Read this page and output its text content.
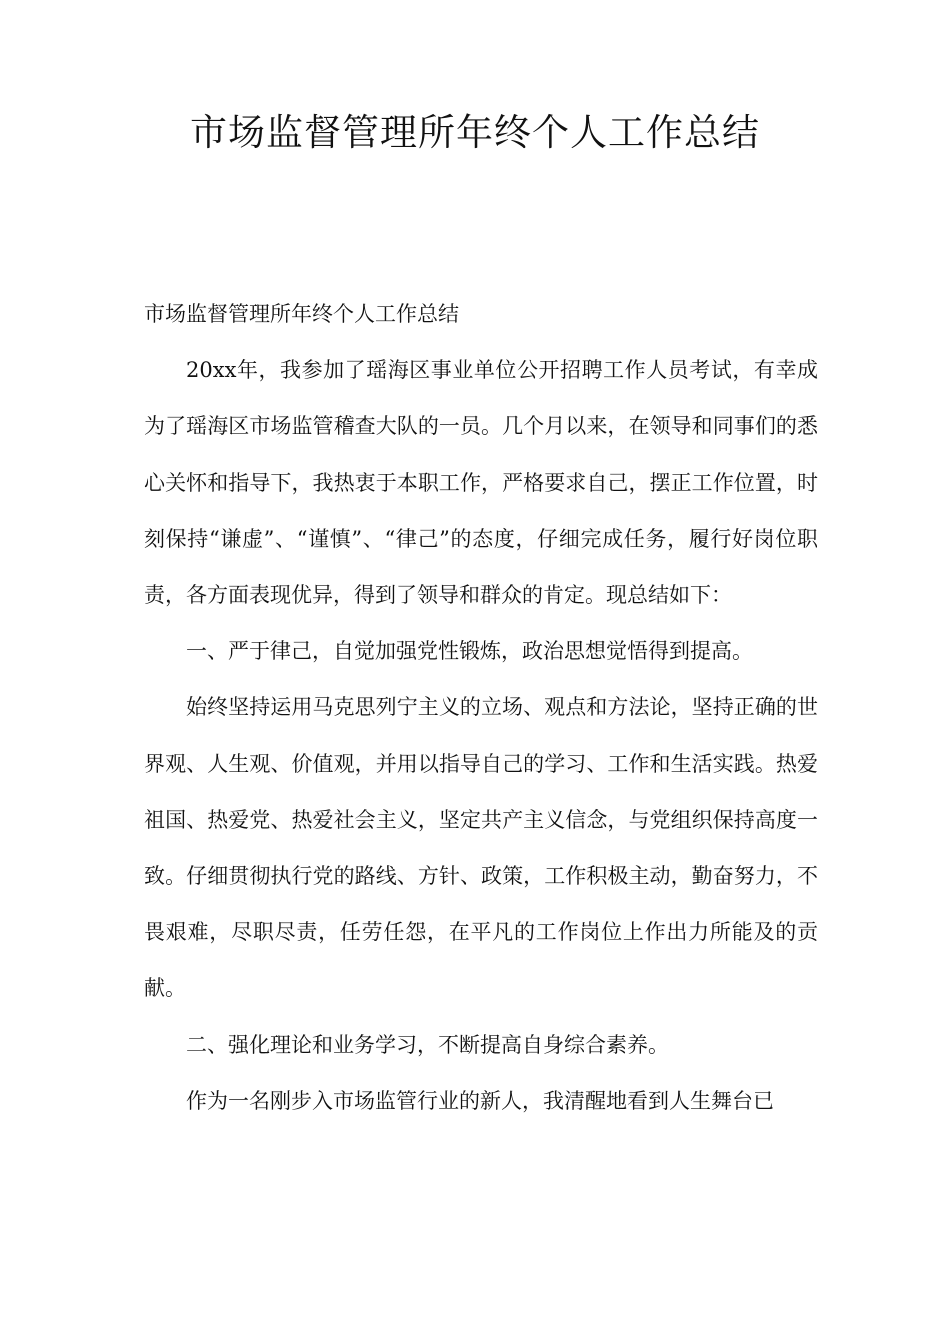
市场监督管理所年终个人工作总结

市场监督管理所年终个人工作总结

20xx年，我参加了瑶海区事业单位公开招聘工作人员考试，有幸成为了瑶海区市场监管稽查大队的一员。几个月以来，在领导和同事们的悉心关怀和指导下，我热衷于本职工作，严格要求自己，摆正工作位置，时刻保持“谦虚”、“谨慎”、“律己”的态度，仔细完成任务，履行好岗位职责，各方面表现优异，得到了领导和群众的肯定。现总结如下：

一、严于律己，自觉加强党性锻炼，政治思想觉悟得到提高。

始终坚持运用马克思列宁主义的立场、观点和方法论，坚持正确的世界观、人生观、价值观，并用以指导自己的学习、工作和生活实践。热爱祖国、热爱党、热爱社会主义，坚定共产主义信念，与党组织保持高度一致。仔细贯彻执行党的路线、方针、政策，工作积极主动，勤奋努力，不畏艰难，尽职尽责，任劳任怨，在平凡的工作岗位上作出力所能及的贡献。

二、强化理论和业务学习，不断提高自身综合素养。

作为一名刚步入市场监管行业的新人，我清醒地看到人生舞台已
